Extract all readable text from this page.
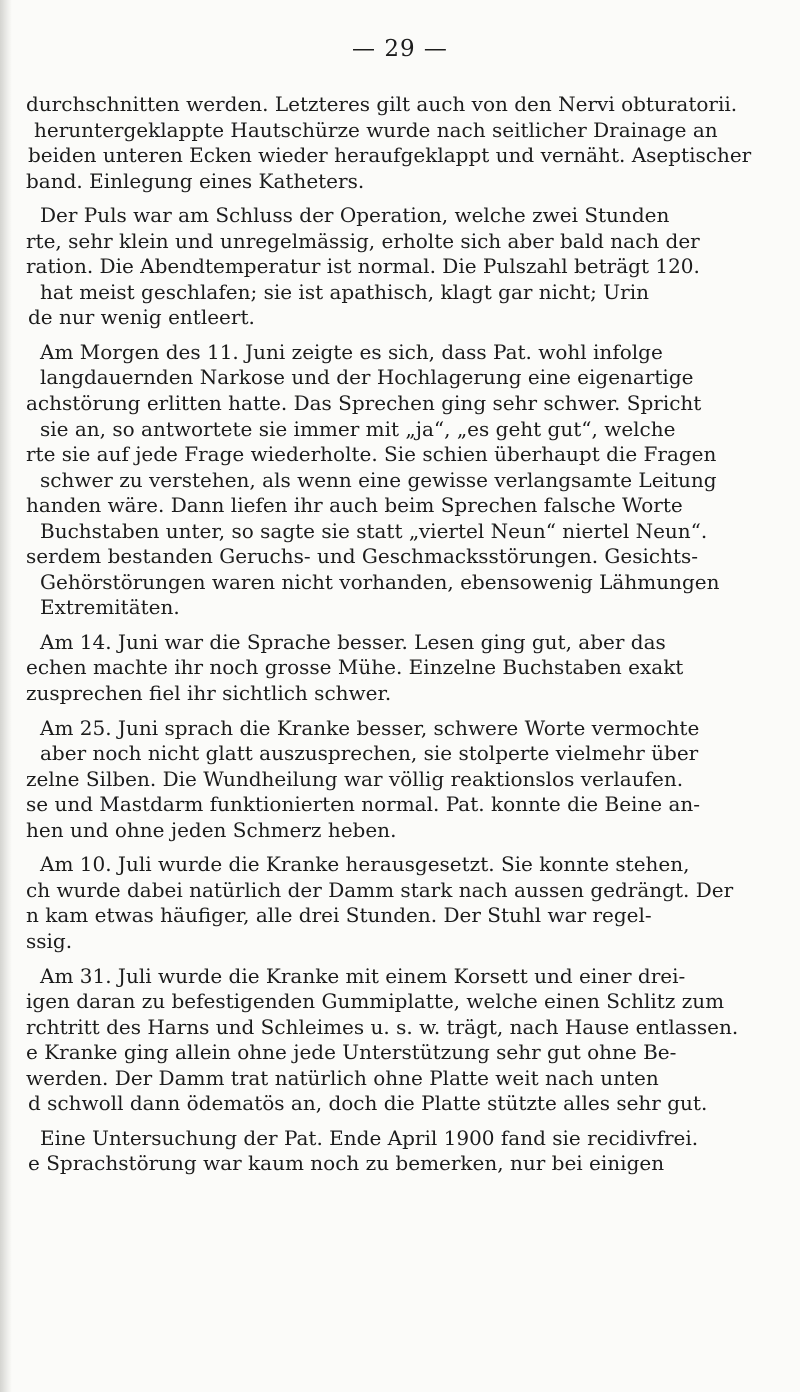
— 29 —
durchschnitten werden. Letzteres gilt auch von den Nervi obturatorii.
heruntergeklappte Hautschürze wurde nach seitlicher Drainage an
beiden unteren Ecken wieder heraufgeklappt und vernäht. Aseptischer
band. Einlegung eines Katheters.
Der Puls war am Schluss der Operation, welche zwei Stunden
rte, sehr klein und unregelmässig, erholte sich aber bald nach der
ration. Die Abendtemperatur ist normal. Die Pulszahl beträgt 120.
hat meist geschlafen; sie ist apathisch, klagt gar nicht; Urin
de nur wenig entleert.
Am Morgen des 11. Juni zeigte es sich, dass Pat. wohl infolge
langdauernden Narkose und der Hochlagerung eine eigenartige
achstörung erlitten hatte. Das Sprechen ging sehr schwer. Spricht
sie an, so antwortete sie immer mit „ja“, „es geht gut“, welche
rte sie auf jede Frage wiederholte. Sie schien überhaupt die Fragen
schwer zu verstehen, als wenn eine gewisse verlangsamte Leitung
handen wäre. Dann liefen ihr auch beim Sprechen falsche Worte
Buchstaben unter, so sagte sie statt „viertel Neun“ niertel Neun“.
serdem bestanden Geruchs- und Geschmacksstörungen. Gesichts-
Gehörstörungen waren nicht vorhanden, ebensowenig Lähmungen
Extremitäten.
Am 14. Juni war die Sprache besser. Lesen ging gut, aber das
echen machte ihr noch grosse Mühe. Einzelne Buchstaben exakt
zusprechen fiel ihr sichtlich schwer.
Am 25. Juni sprach die Kranke besser, schwere Worte vermochte
aber noch nicht glatt auszusprechen, sie stolperte vielmehr über
zelne Silben. Die Wundheilung war völlig reaktionslos verlaufen.
se und Mastdarm funktionierten normal. Pat. konnte die Beine an-
hen und ohne jeden Schmerz heben.
Am 10. Juli wurde die Kranke herausgesetzt. Sie konnte stehen,
ch wurde dabei natürlich der Damm stark nach aussen gedrängt. Der
n kam etwas häufiger, alle drei Stunden. Der Stuhl war regel-
ssig.
Am 31. Juli wurde die Kranke mit einem Korsett und einer drei-
igen daran zu befestigenden Gummiplatte, welche einen Schlitz zum
rchtritt des Harns und Schleimes u. s. w. trägt, nach Hause entlassen.
e Kranke ging allein ohne jede Unterstützung sehr gut ohne Be-
werden. Der Damm trat natürlich ohne Platte weit nach unten
d schwoll dann ödematös an, doch die Platte stützte alles sehr gut.
Eine Untersuchung der Pat. Ende April 1900 fand sie recidivfrei.
e Sprachstörung war kaum noch zu bemerken, nur bei einigen
